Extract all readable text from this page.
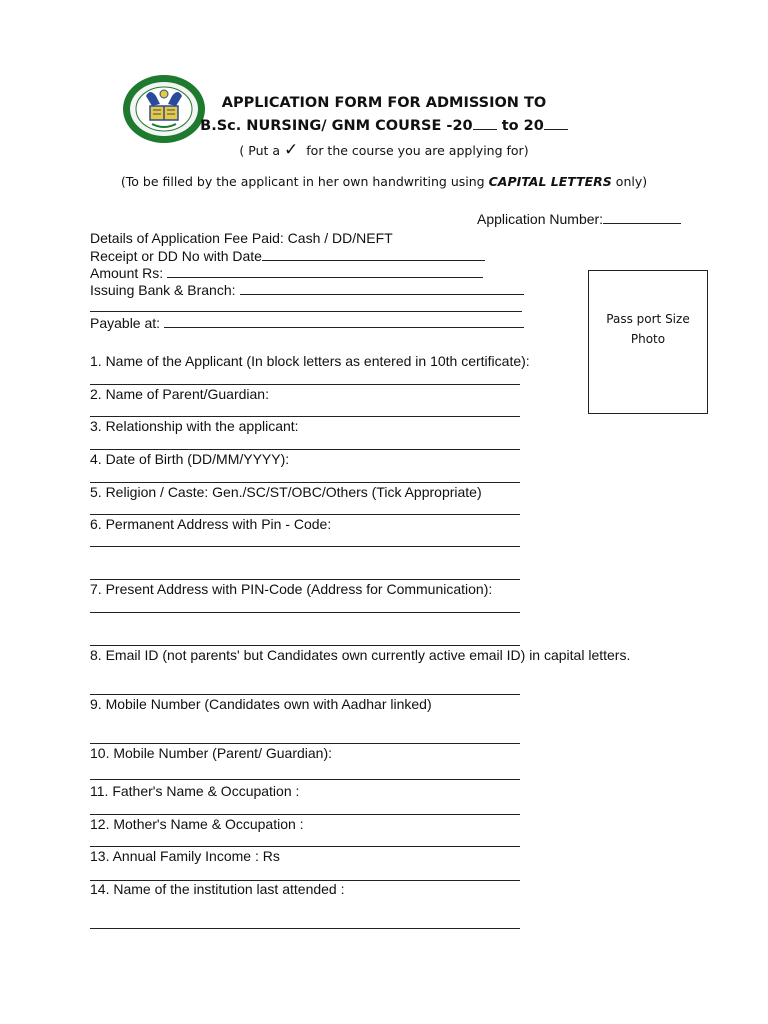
APPLICATION FORM FOR ADMISSION TO
B.Sc. NURSING/ GNM COURSE -20 to 20
( Put a ✓ for the course you are applying for)
(To be filled by the applicant in her own handwriting using CAPITAL LETTERS only)
Application Number:
Details of Application Fee Paid: Cash / DD/NEFT
Receipt or DD No with Date
Amount Rs:
Issuing Bank & Branch:
Payable at:	Pass port Size Photo
1. Name of the Applicant (In block letters as entered in 10th certificate):
2. Name of Parent/Guardian:
3. Relationship with the applicant:
4. Date of Birth (DD/MM/YYYY):
5. Religion / Caste: Gen./SC/ST/OBC/Others (Tick Appropriate)
6. Permanent Address with Pin - Code:
7. Present Address with PIN-Code (Address for Communication):
8. Email ID (not parents' but Candidates own currently active email ID) in capital letters.
9. Mobile Number (Candidates own with Aadhar linked)
10. Mobile Number (Parent/ Guardian):
11. Father's Name & Occupation :
12. Mother's Name & Occupation :
13. Annual Family Income : Rs
14. Name of the institution last attended :
